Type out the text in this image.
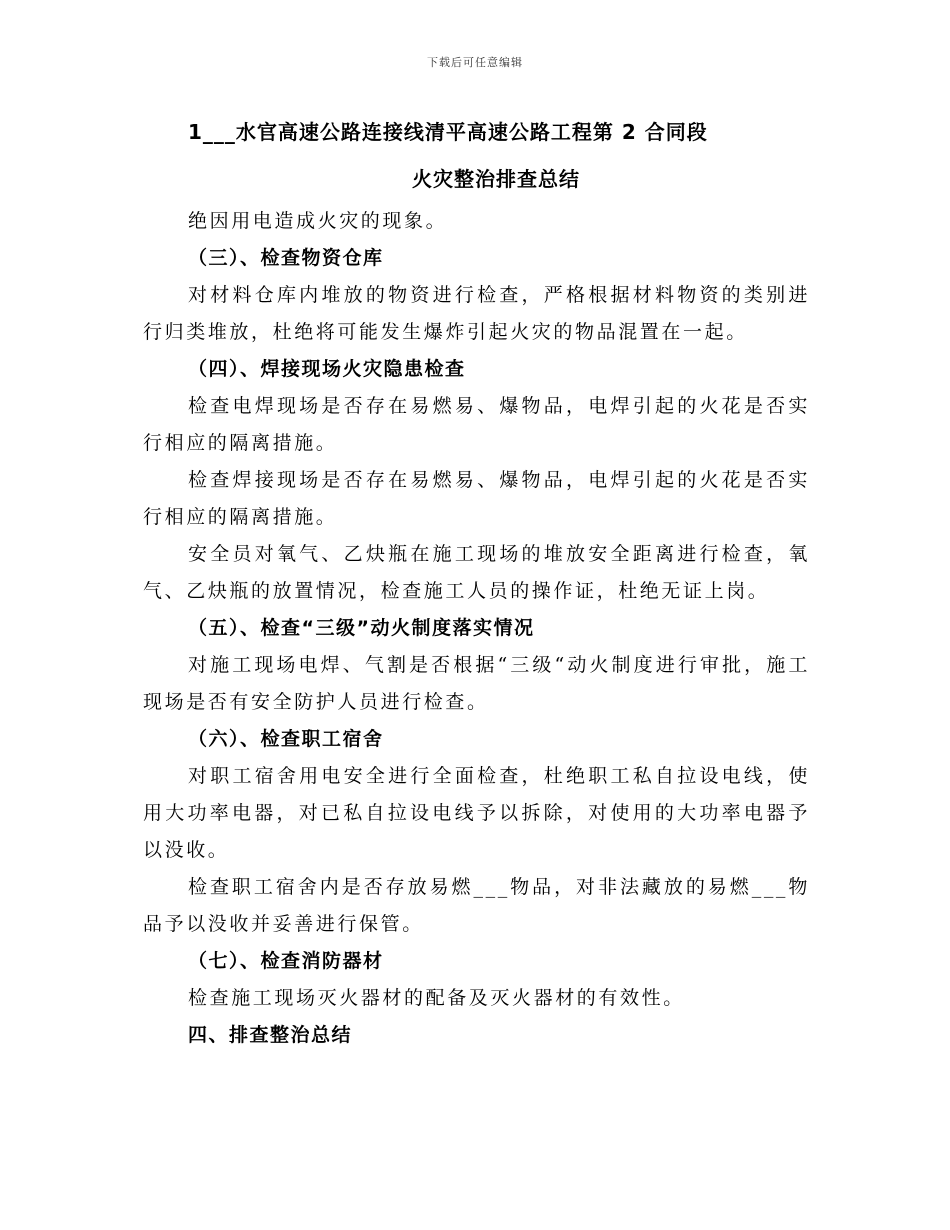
下载后可任意编辑
1___水官高速公路连接线清平高速公路工程第 2 合同段
火灾整治排查总结

绝因用电造成火灾的现象。

（三）、检查物资仓库

对材料仓库内堆放的物资进行检查，严格根据材料物资的类别进行归类堆放，杜绝将可能发生爆炸引起火灾的物品混置在一起。

（四）、焊接现场火灾隐患检查

检查电焊现场是否存在易燃易、爆物品，电焊引起的火花是否实行相应的隔离措施。

检查焊接现场是否存在易燃易、爆物品，电焊引起的火花是否实行相应的隔离措施。

安全员对氧气、乙炔瓶在施工现场的堆放安全距离进行检查，氧气、乙炔瓶的放置情况，检查施工人员的操作证，杜绝无证上岗。

（五）、检查“三级”动火制度落实情况

对施工现场电焊、气割是否根据“三级“动火制度进行审批，施工现场是否有安全防护人员进行检查。

（六）、检查职工宿舍

对职工宿舍用电安全进行全面检查，杜绝职工私自拉设电线，使用大功率电器，对已私自拉设电线予以拆除，对使用的大功率电器予以没收。

检查职工宿舍内是否存放易燃___物品，对非法藏放的易燃___物品予以没收并妥善进行保管。

（七）、检查消防器材

检查施工现场灭火器材的配备及灭火器材的有效性。

四、排查整治总结
